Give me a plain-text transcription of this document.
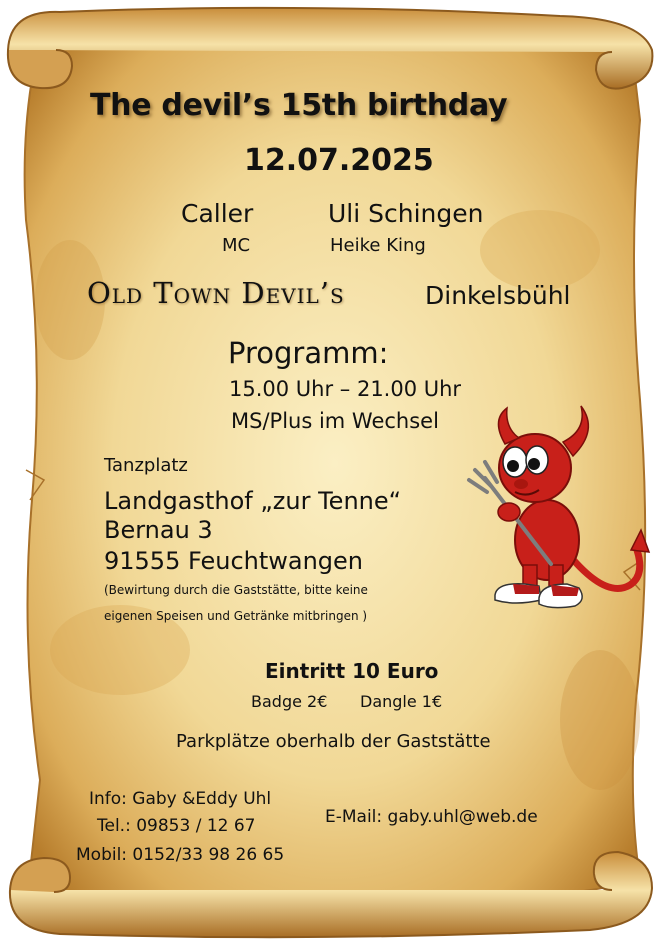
The devil’s 15th birthday
12.07.2025
Caller	Uli Schingen
MC	Heike King
Old Town Devil’s	Dinkelsbühl
Programm:
15.00 Uhr – 21.00 Uhr
MS/Plus im Wechsel
Tanzplatz
Landgasthof „zur Tenne“
Bernau 3
91555 Feuchtwangen
(Bewirtung durch die Gaststätte, bitte keine
eigenen Speisen und Getränke mitbringen )
Eintritt 10 Euro
Badge 2€ Dangle 1€
Parkplätze oberhalb der Gaststätte
Info: Gaby &Eddy Uhl
Tel.: 09853 / 12 67
Mobil: 0152/33 98 26 65
E-Mail: gaby.uhl@web.de
